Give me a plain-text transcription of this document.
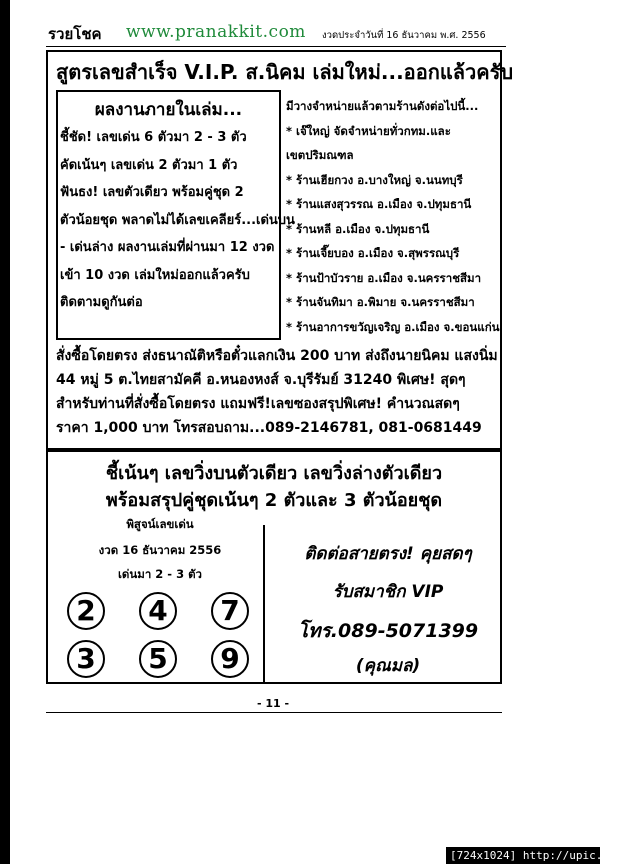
รวยโชค www.pranakkit.com งวดประจำวันที่ 16 ธันวาคม พ.ศ. 2556
สูตรเลขสำเร็จ V.I.P. ส.นิคม เล่มใหม่...ออกแล้วครับ
ผลงานภายในเล่ม...
ชี้ชัด! เลขเด่น 6 ตัวมา 2 - 3 ตัว
คัดเน้นๆ เลขเด่น 2 ตัวมา 1 ตัว
ฟันธง! เลขตัวเดียว พร้อมคู่ชุด 2
ตัวน้อยชุด พลาดไม่ได้เลขเคลียร์...เด่นบน
- เด่นล่าง ผลงานเล่มที่ผ่านมา 12 งวด
เข้า 10 งวด เล่มใหม่ออกแล้วครับ
ติดตามดูกันต่อ
มีวางจำหน่ายแล้วตามร้านดังต่อไปนี้...
* เจ๊ใหญ่ จัดจำหน่ายทั่วกทม.และ
เขตปริมณฑล
* ร้านเฮียกวง อ.บางใหญ่ จ.นนทบุรี
* ร้านแสงสุวรรณ อ.เมือง จ.ปทุมธานี
* ร้านหลี อ.เมือง จ.ปทุมธานี
* ร้านเจี๊ยบอง อ.เมือง จ.สุพรรณบุรี
* ร้านป้าบัวราย อ.เมือง จ.นครราชสีมา
* ร้านจันทิมา อ.พิมาย จ.นครราชสีมา
* ร้านอาการขวัญเจริญ อ.เมือง จ.ขอนแก่น
สั่งซื้อโดยตรง ส่งธนาณัติหรือตั๋วแลกเงิน 200 บาท ส่งถึงนายนิคม แสงนิ่ม
44 หมู่ 5 ต.ไทยสามัคคี อ.หนองหงส์ จ.บุรีรัมย์ 31240 พิเศษ! สุดๆ
สำหรับท่านที่สั่งซื้อโดยตรง แถมฟรี!เลขซองสรุปพิเศษ! คำนวณสดๆ
ราคา 1,000 บาท โทรสอบถาม...089-2146781, 081-0681449
ชี้เน้นๆ เลขวิ่งบนตัวเดียว เลขวิ่งล่างตัวเดียว
พร้อมสรุปคู่ชุดเน้นๆ 2 ตัวและ 3 ตัวน้อยชุด
พิสูจน์เลขเด่น
งวด 16 ธันวาคม 2556
เด่นมา 2 - 3 ตัว
2	4	7
3	5	9
ติดต่อสายตรง! คุยสดๆ
รับสมาชิก VIP
โทร.089-5071399
(คุณมล)
- 11 -
[724x1024] http://upic.me/
